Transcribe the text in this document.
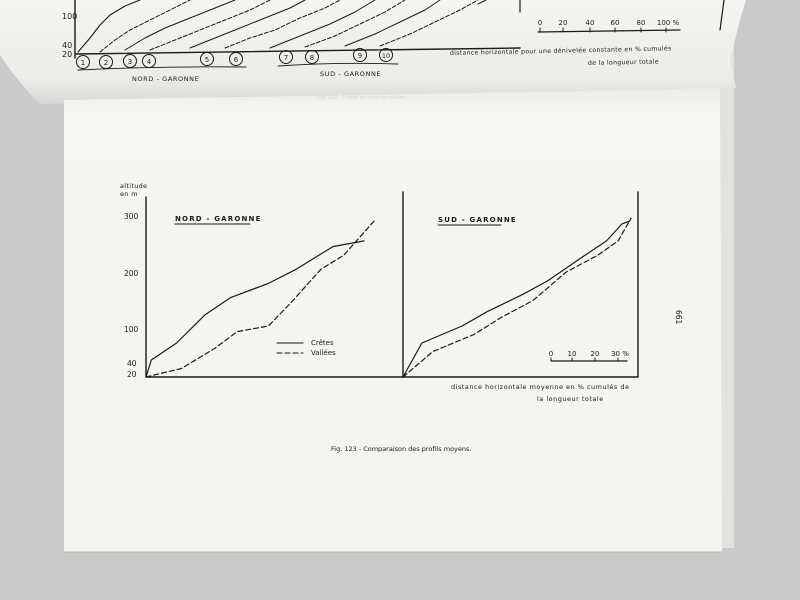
100
40
20
1	2	3 4	5	6	7	8	9	10
NORD - GARONNE
SUD - GARONNE
0 20	40 60 80 100 %
distance horizontale pour une dénivelée constante en % cumulés
de la longueur totale
Fig. 122 - Profils en long de vallées.
altitude
en m
300
200
100
40
20
NORD - GARONNE	SUD - GARONNE
Crêtes
Vallées	0 10 20 30 %
distance horizontale moyenne en % cumulés de
la longueur totale
Fig. 123 - Comparaison des profils moyens.
661
